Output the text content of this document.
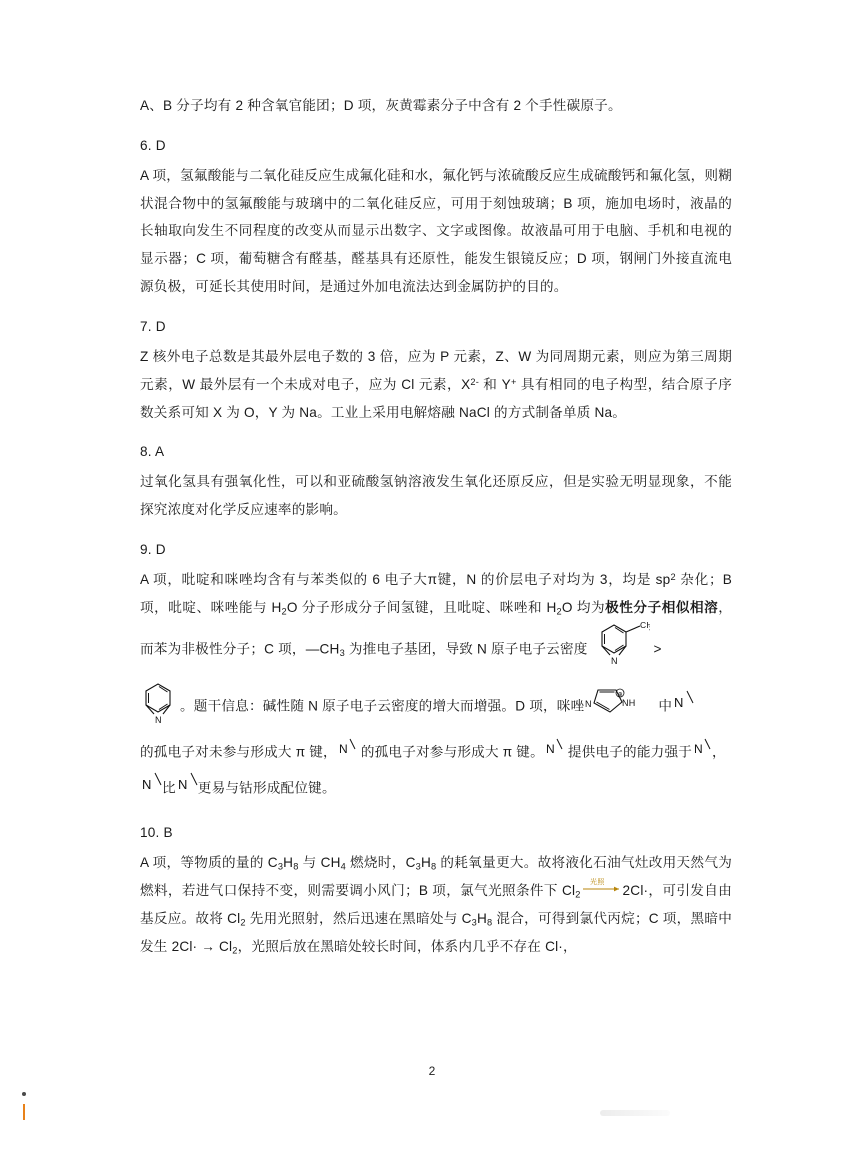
A、B 分子均有 2 种含氧官能团；D 项，灰黄霉素分子中含有 2 个手性碳原子。

6. D

A 项，氢氟酸能与二氧化硅反应生成氟化硅和水，氟化钙与浓硫酸反应生成硫酸钙和氟化氢，则糊状混合物中的氢氟酸能与玻璃中的二氧化硅反应，可用于刻蚀玻璃；B 项，施加电场时，液晶的长轴取向发生不同程度的改变从而显示出数字、文字或图像。故液晶可用于电脑、手机和电视的显示器；C 项，葡萄糖含有醛基，醛基具有还原性，能发生银镜反应；D 项，钢闸门外接直流电源负极，可延长其使用时间，是通过外加电流法达到金属防护的目的。

7. D

Z 核外电子总数是其最外层电子数的 3 倍，应为 P 元素，Z、W 为同周期元素，则应为第三周期元素，W 最外层有一个未成对电子，应为 Cl 元素，$X^{2-}$ 和 Y+ 具有相同的电子构型，结合原子序数关系可知 X 为 O，Y 为 Na。工业上采用电解熔融 NaCl 的方式制备单质 Na。

8. A

过氧化氢具有强氧化性，可以和亚硫酸氢钠溶液发生氧化还原反应，但是实验无明显现象，不能探究浓度对化学反应速率的影响。

9. D

A 项，吡啶和咪唑均含有与苯类似的 6 电子大π键，N 的价层电子对均为 3，均是 $sp^2$ 杂化；B 项，吡啶、咪唑能与 $H_2O$ 分子形成分子间氢键，且吡啶、咪唑和 $H_2O$ 均为极性分子相似相溶，而苯为非极性分子；C 项，$—CH_3$ 为推电子基团，导致 N 原子电子云密度
CH
N
>

N
。题干信息：碱性随 N 原子电子云密度的增大而增强。D 项，咪唑 N	NH
⊕
中 N

的孤电子对未参与形成大 π 键， N 的孤电子对参与形成大 π 键。 N 提供电子的能力强于 N ，

N 比 N 更易与钴形成配位键。

10. B

A 项，等物质的量的 $C_3H_8$ 与 $CH_4$ 燃烧时，$C_3H_8$ 的耗氧量更大。故将液化石油气灶改用天然气为燃料，若进气口保持不变，则需要调小风门；B 项，氯气光照条件下 $Cl_2$
光照
2Cl·，可引发自由基反应。故将 $Cl_2$ 先用光照射，然后迅速在黑暗处与 $C_3H_8$ 混合，可得到氯代丙烷；C 项，黑暗中发生 $2Cl\cdot \to Cl_2$，光照后放在黑暗处较长时间，体系内几乎不存在 Cl·，

2
